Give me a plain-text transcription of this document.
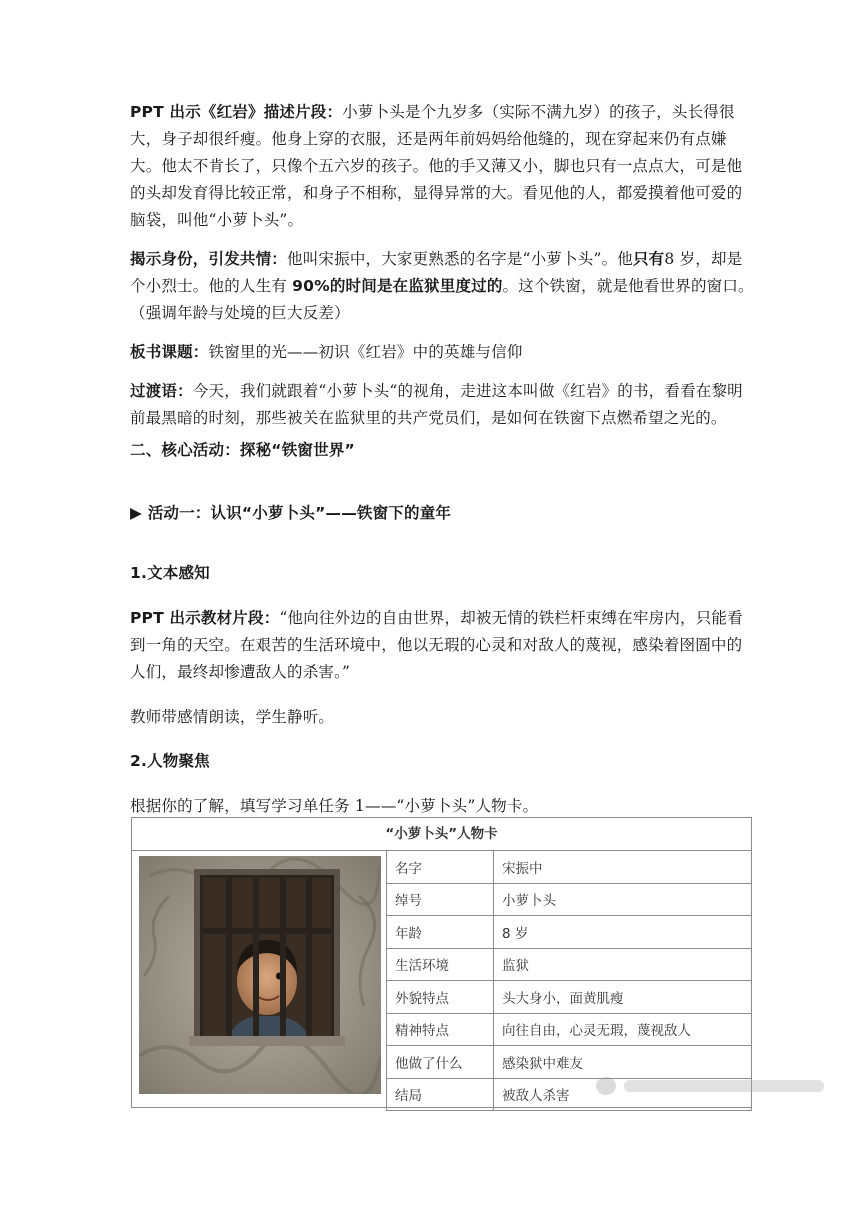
PPT 出示《红岩》描述片段：小萝卜头是个九岁多（实际不满九岁）的孩子，头长得很大，身子却很纤瘦。他身上穿的衣服，还是两年前妈妈给他缝的，现在穿起来仍有点嫌大。他太不肯长了，只像个五六岁的孩子。他的手又薄又小，脚也只有一点点大，可是他的头却发育得比较正常，和身子不相称，显得异常的大。看见他的人，都爱摸着他可爱的脑袋，叫他“小萝卜头”。

揭示身份，引发共情：他叫宋振中，大家更熟悉的名字是“小萝卜头”。他只有8 岁，却是个小烈士。他的人生有 90%的时间是在监狱里度过的。这个铁窗，就是他看世界的窗口。（强调年龄与处境的巨大反差）

板书课题：铁窗里的光——初识《红岩》中的英雄与信仰

过渡语：今天，我们就跟着“小萝卜头“的视角，走进这本叫做《红岩》的书，看看在黎明前最黑暗的时刻，那些被关在监狱里的共产党员们，是如何在铁窗下点燃希望之光的。

二、核心活动：探秘“铁窗世界”

▶ 活动一：认识“小萝卜头”——铁窗下的童年

1.文本感知

PPT 出示教材片段：“他向往外边的自由世界，却被无情的铁栏杆束缚在牢房内，只能看到一角的天空。在艰苦的生活环境中，他以无瑕的心灵和对敌人的蔑视，感染着囹圄中的人们，最终却惨遭敌人的杀害。”

教师带感情朗读，学生静听。

2.人物聚焦

根据你的了解，填写学习单任务 1——“小萝卜头”人物卡。

“小萝卜头”人物卡
名字	宋振中
绰号	小萝卜头
年龄	8 岁
生活环境	监狱
外貌特点	头大身小，面黄肌瘦
精神特点	向往自由，心灵无瑕，蔑视敌人
他做了什么	感染狱中难友
结局	被敌人杀害
